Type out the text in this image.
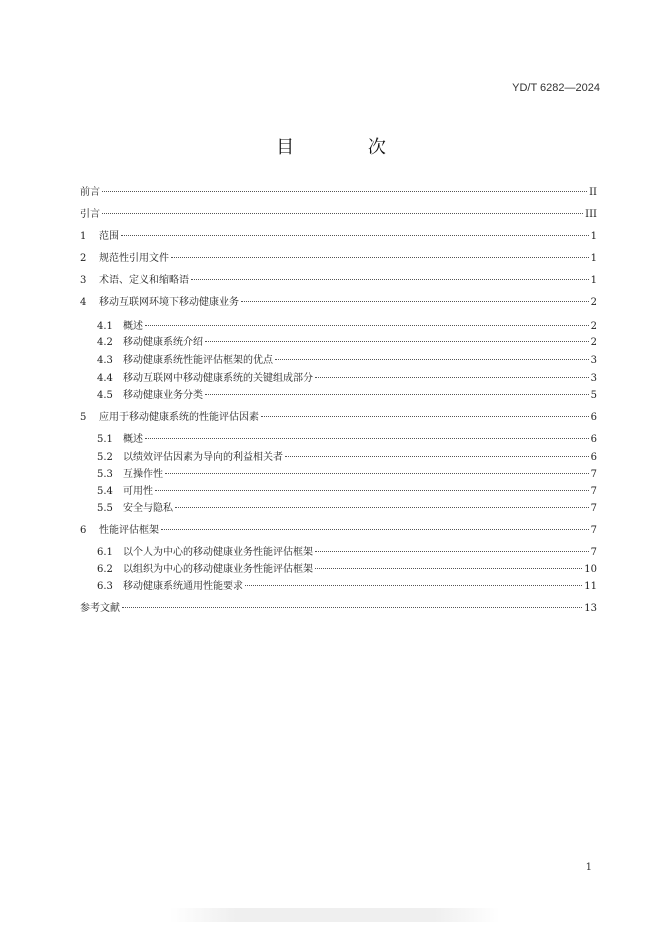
YD/T 6282—2024
目 次
前言	II
引言	III
1	范围	1
2	规范性引用文件	1
3	术语、定义和缩略语	1
4	移动互联网环境下移动健康业务	2
4.1	概述	2
4.2	移动健康系统介绍	2
4.3	移动健康系统性能评估框架的优点	3
4.4	移动互联网中移动健康系统的关键组成部分	3
4.5	移动健康业务分类	5
5	应用于移动健康系统的性能评估因素	6
5.1	概述	6
5.2	以绩效评估因素为导向的利益相关者	6
5.3	互操作性	7
5.4	可用性	7
5.5	安全与隐私	7
6	性能评估框架	7
6.1	以个人为中心的移动健康业务性能评估框架	7
6.2	以组织为中心的移动健康业务性能评估框架	10
6.3	移动健康系统通用性能要求	11
参考文献	13
1
